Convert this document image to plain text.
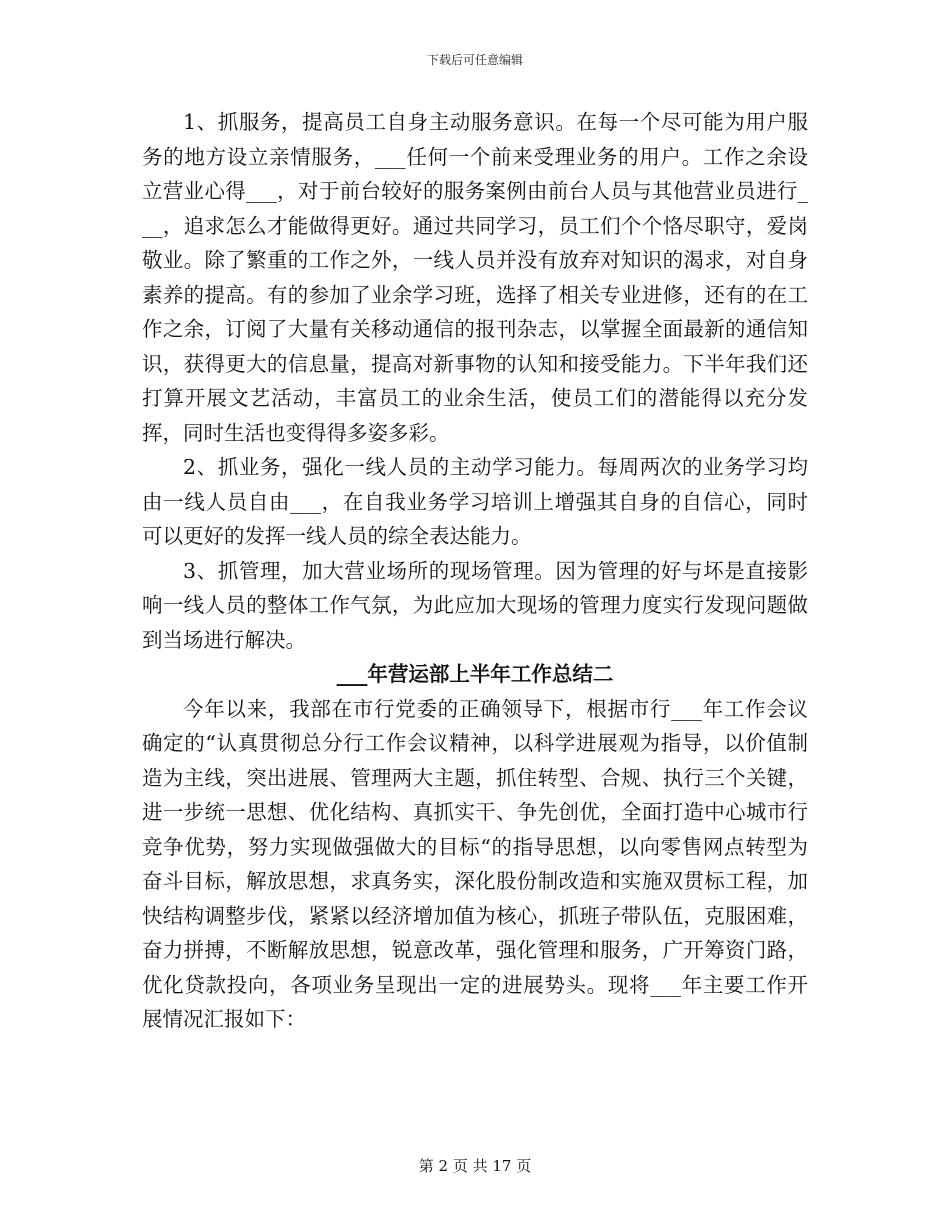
下载后可任意编辑

1、抓服务，提高员工自身主动服务意识。在每一个尽可能为用户服务的地方设立亲情服务，___任何一个前来受理业务的用户。工作之余设立营业心得___，对于前台较好的服务案例由前台人员与其他营业员进行___，追求怎么才能做得更好。通过共同学习，员工们个个恪尽职守，爱岗敬业。除了繁重的工作之外，一线人员并没有放弃对知识的渴求，对自身素养的提高。有的参加了业余学习班，选择了相关专业进修，还有的在工作之余，订阅了大量有关移动通信的报刊杂志，以掌握全面最新的通信知识，获得更大的信息量，提高对新事物的认知和接受能力。下半年我们还打算开展文艺活动，丰富员工的业余生活，使员工们的潜能得以充分发挥，同时生活也变得得多姿多彩。

2、抓业务，强化一线人员的主动学习能力。每周两次的业务学习均由一线人员自由___，在自我业务学习培训上增强其自身的自信心，同时可以更好的发挥一线人员的综全表达能力。

3、抓管理，加大营业场所的现场管理。因为管理的好与坏是直接影响一线人员的整体工作气氛，为此应加大现场的管理力度实行发现问题做到当场进行解决。

___年营运部上半年工作总结二

今年以来，我部在市行党委的正确领导下，根据市行___年工作会议确定的“认真贯彻总分行工作会议精神，以科学进展观为指导，以价值制造为主线，突出进展、管理两大主题，抓住转型、合规、执行三个关键，进一步统一思想、优化结构、真抓实干、争先创优，全面打造中心城市行竞争优势，努力实现做强做大的目标“的指导思想，以向零售网点转型为奋斗目标，解放思想，求真务实，深化股份制改造和实施双贯标工程，加快结构调整步伐，紧紧以经济增加值为核心，抓班子带队伍，克服困难，奋力拼搏，不断解放思想，锐意改革，强化管理和服务，广开筹资门路，优化贷款投向，各项业务呈现出一定的进展势头。现将___年主要工作开展情况汇报如下：

第 2 页 共 17 页
